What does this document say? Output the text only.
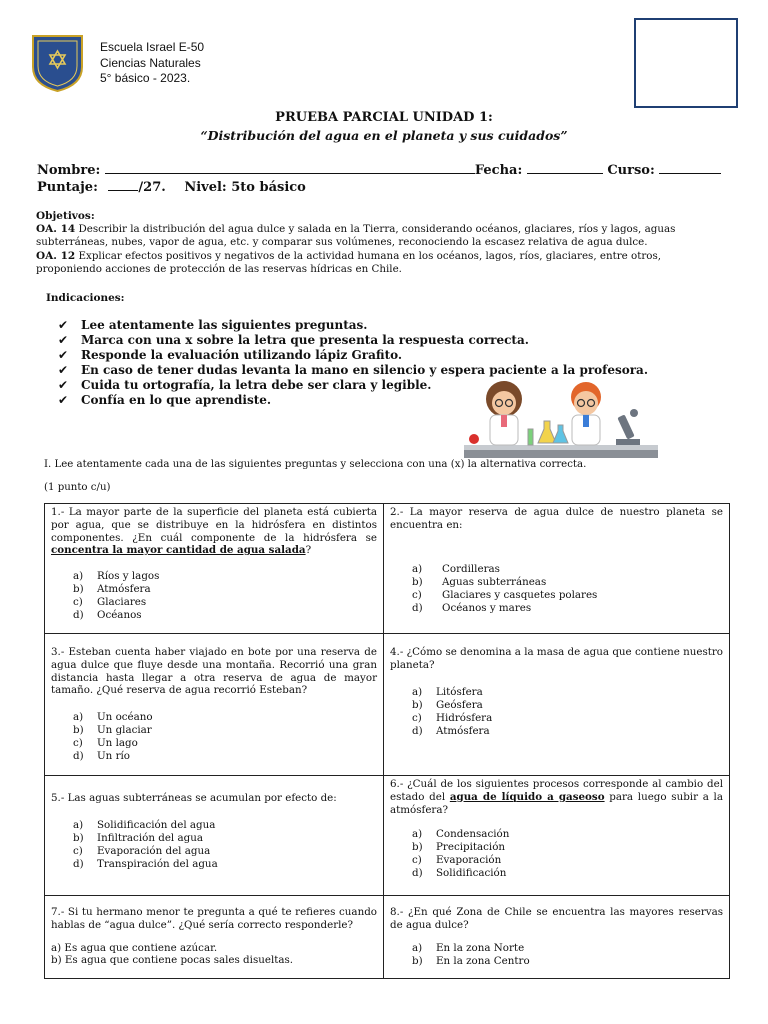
Escuela Israel E-50
Ciencias Naturales
5° básico - 2023.
PRUEBA PARCIAL UNIDAD 1:
“Distribución del agua en el planeta y sus cuidados”
Nombre:	Fecha:	Curso:
Puntaje:	/27. Nivel: 5to básico
Objetivos:
OA. 14 Describir la distribución del agua dulce y salada en la Tierra, considerando océanos, glaciares, ríos y lagos, aguas subterráneas, nubes, vapor de agua, etc. y comparar sus volúmenes, reconociendo la escasez relativa de agua dulce.
OA. 12 Explicar efectos positivos y negativos de la actividad humana en los océanos, lagos, ríos, glaciares, entre otros, proponiendo acciones de protección de las reservas hídricas en Chile.
Indicaciones:
✔	Lee atentamente las siguientes preguntas.
✔	Marca con una x sobre la letra que presenta la respuesta correcta.
✔	Responde la evaluación utilizando lápiz Grafito.
✔	En caso de tener dudas levanta la mano en silencio y espera paciente a la profesora.
✔	Cuida tu ortografía, la letra debe ser clara y legible.
✔	Confía en lo que aprendiste.
I. Lee atentamente cada una de las siguientes preguntas y selecciona con una (x) la alternativa correcta.
(1 punto c/u)
1.- La mayor parte de la superficie del planeta está cubierta por agua, que se distribuye en la hidrósfera en distintos componentes. ¿En cuál componente de la hidrósfera se concentra la mayor cantidad de agua salada?
a)	Ríos y lagos
b)	Atmósfera
c)	Glaciares
d)	Océanos
2.- La mayor reserva de agua dulce de nuestro planeta se encuentra en:
a)	Cordilleras
b)	Aguas subterráneas
c)	Glaciares y casquetes polares
d)	Océanos y mares
3.- Esteban cuenta haber viajado en bote por una reserva de agua dulce que fluye desde una montaña. Recorrió una gran distancia hasta llegar a otra reserva de agua de mayor tamaño. ¿Qué reserva de agua recorrió Esteban?
a)	Un océano
b)	Un glaciar
c)	Un lago
d)	Un río
4.- ¿Cómo se denomina a la masa de agua que contiene nuestro planeta?
a)	Litósfera
b)	Geósfera
c)	Hidrósfera
d)	Atmósfera
5.- Las aguas subterráneas se acumulan por efecto de:
a)	Solidificación del agua
b)	Infiltración del agua
c)	Evaporación del agua
d)	Transpiración del agua
6.- ¿Cuál de los siguientes procesos corresponde al cambio del estado del agua de líquido a gaseoso para luego subir a la atmósfera?
a)	Condensación
b)	Precipitación
c)	Evaporación
d)	Solidificación
7.- Si tu hermano menor te pregunta a qué te refieres cuando hablas de “agua dulce”. ¿Qué sería correcto responderle?
a) Es agua que contiene azúcar.
b) Es agua que contiene pocas sales disueltas.
8.- ¿En qué Zona de Chile se encuentra las mayores reservas de agua dulce?
a)	En la zona Norte
b)	En la zona Centro
